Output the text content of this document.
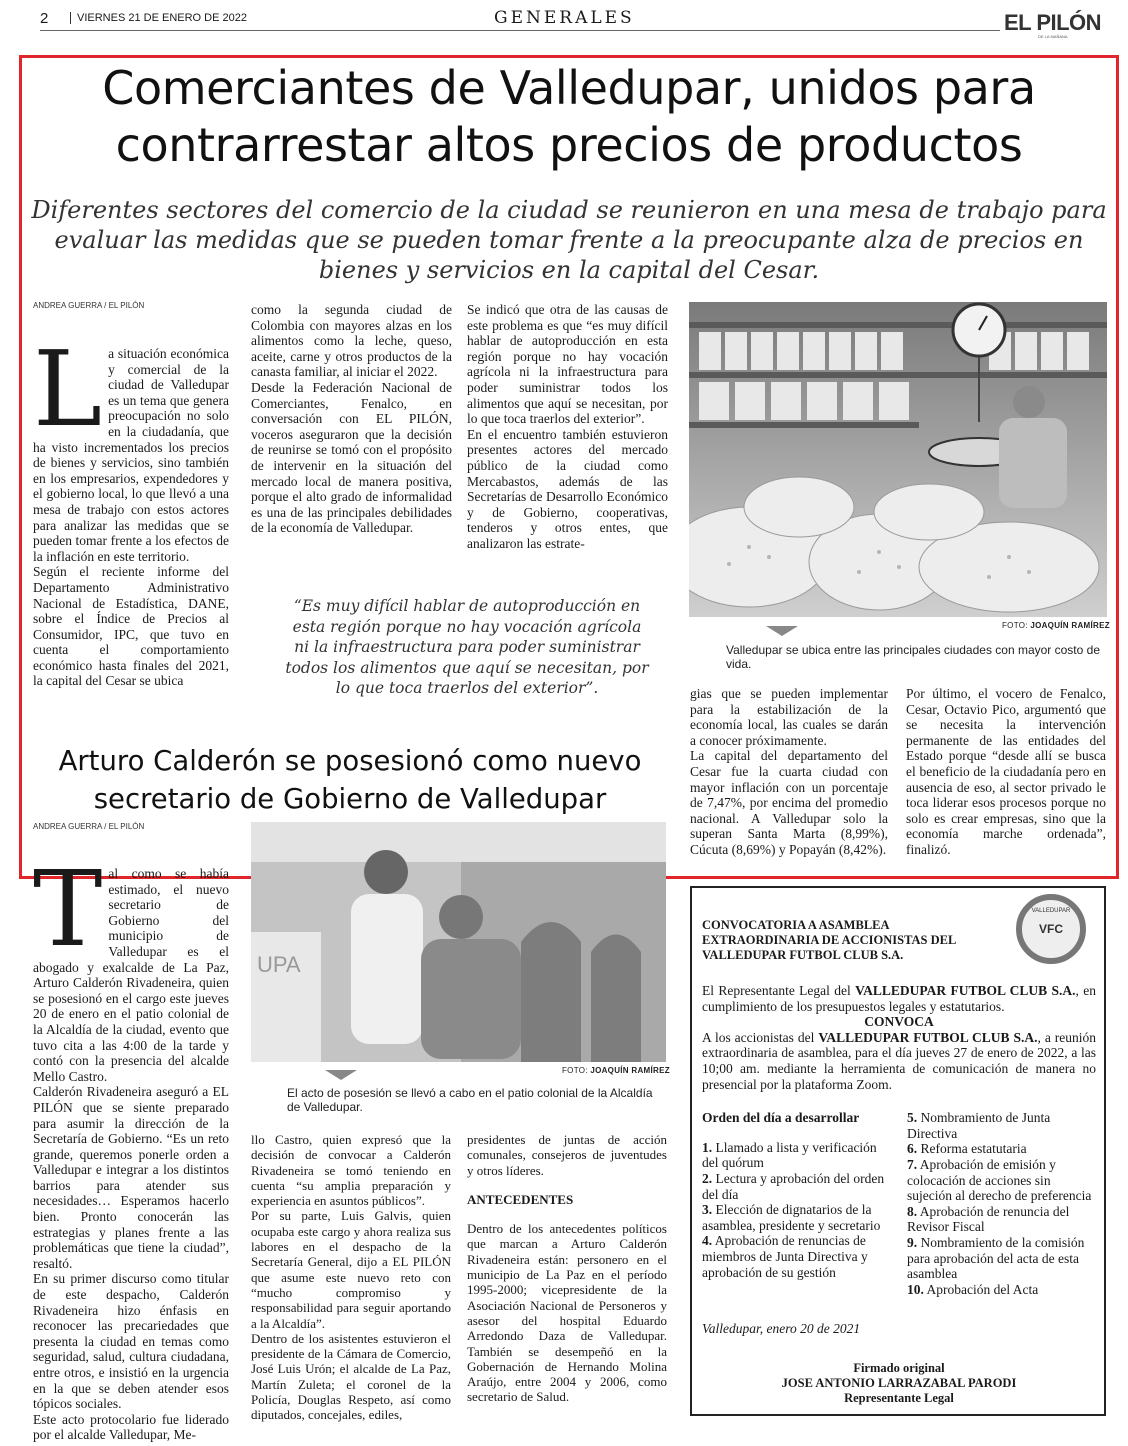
2	VIERNES 21 DE ENERO DE 2022	GENERALES	EL PILÓN
DE LA MAÑANA
Comerciantes de Valledupar, unidos para contrarrestar altos precios de productos
Diferentes sectores del comercio de la ciudad se reunieron en una mesa de trabajo para evaluar las medidas que se pueden tomar frente a la preocupante alza de precios en bienes y servicios en la capital del Cesar.
ANDREA GUERRA / EL PILÓN
L a situación económica y comercial de la ciudad de Valledupar es un tema que genera preocupación no solo en la ciudadanía, que ha visto incrementados los precios de bienes y servicios, sino también en los empresarios, expendedores y el gobierno local, lo que llevó a una mesa de trabajo con estos actores para analizar las medidas que se pueden tomar frente a los efectos de la inflación en este territorio.

Según el reciente informe del Departamento Administrativo Nacional de Estadística, DANE, sobre el Índice de Precios al Consumidor, IPC, que tuvo en cuenta el comportamiento económico hasta finales del 2021, la capital del Cesar se ubica

como la segunda ciudad de Colombia con mayores alzas en los alimentos como la leche, queso, aceite, carne y otros productos de la canasta familiar, al iniciar el 2022.

Desde la Federación Nacional de Comerciantes, Fenalco, en conversación con EL PILÓN, voceros aseguraron que la decisión de reunirse se tomó con el propósito de intervenir en la situación del mercado local de manera positiva, porque el alto grado de informalidad es una de las principales debilidades de la economía de Valledupar.

Se indicó que otra de las causas de este problema es que “es muy difícil hablar de autoproducción en esta región porque no hay vocación agrícola ni la infraestructura para poder suministrar todos los alimentos que aquí se necesitan, por lo que toca traerlos del exterior”.

En el encuentro también estuvieron presentes actores del mercado público de la ciudad como Mercabastos, además de las Secretarías de Desarrollo Económico y de Gobierno, cooperativas, tenderos y otros entes, que analizaron las estrate-

“Es muy difícil hablar de autoproducción en esta región porque no hay vocación agrícola ni la infraestructura para poder suministrar todos los alimentos que aquí se necesitan, por lo que toca traerlos del exterior”.
FOTO: JOAQUÍN RAMÍREZ
Valledupar se ubica entre las principales ciudades con mayor costo de vida.

gias que se pueden implementar para la estabilización de la economía local, las cuales se darán a conocer próximamente.

La capital del departamento del Cesar fue la cuarta ciudad con mayor inflación con un porcentaje de 7,47%, por encima del promedio nacional. A Valledupar solo la superan Santa Marta (8,99%), Cúcuta (8,69%) y Popayán (8,42%).

Por último, el vocero de Fenalco, Cesar, Octavio Pico, argumentó que se necesita la intervención permanente de las entidades del Estado porque “desde allí se busca el beneficio de la ciudadanía pero en ausencia de eso, al sector privado le toca liderar esos procesos porque no solo es crear empresas, sino que la economía marche ordenada”, finalizó.

Arturo Calderón se posesionó como nuevo secretario de Gobierno de Valledupar
ANDREA GUERRA / EL PILÓN
T al como se había estimado, el nuevo secretario de Gobierno del municipio de Valledupar es el abogado y exalcalde de La Paz, Arturo Calderón Rivadeneira, quien se posesionó en el cargo este jueves 20 de enero en el patio colonial de la Alcaldía de la ciudad, evento que tuvo cita a las 4:00 de la tarde y contó con la presencia del alcalde Mello Castro.

Calderón Rivadeneira aseguró a EL PILÓN que se siente preparado para asumir la dirección de la Secretaría de Gobierno. “Es un reto grande, queremos ponerle orden a Valledupar e integrar a los distintos barrios para atender sus necesidades… Esperamos hacerlo bien. Pronto conocerán las estrategias y planes frente a las problemáticas que tiene la ciudad”, resaltó.

En su primer discurso como titular de este despacho, Calderón Rivadeneira hizo énfasis en reconocer las precariedades que presenta la ciudad en temas como seguridad, salud, cultura ciudadana, entre otros, e insistió en la urgencia en la que se deben atender esos tópicos sociales.

Este acto protocolario fue liderado por el alcalde Valledupar, Me-

UPA
FOTO: JOAQUÍN RAMÍREZ
El acto de posesión se llevó a cabo en el patio colonial de la Alcaldía de Valledupar.

llo Castro, quien expresó que la decisión de convocar a Calderón Rivadeneira se tomó teniendo en cuenta “su amplia preparación y experiencia en asuntos públicos”.

Por su parte, Luis Galvis, quien ocupaba este cargo y ahora realiza sus labores en el despacho de la Secretaría General, dijo a EL PILÓN que asume este nuevo reto con “mucho compromiso y responsabilidad para seguir aportando a la Alcaldía”.

Dentro de los asistentes estuvieron el presidente de la Cámara de Comercio, José Luis Urón; el alcalde de La Paz, Martín Zuleta; el coronel de la Policía, Douglas Respeto, así como diputados, concejales, ediles,

presidentes de juntas de acción comunales, consejeros de juventudes y otros líderes.

ANTECEDENTES

Dentro de los antecedentes políticos que marcan a Arturo Calderón Rivadeneira están: personero en el municipio de La Paz en el período 1995-2000; vicepresidente de la Asociación Nacional de Personeros y asesor del hospital Eduardo Arredondo Daza de Valledupar. También se desempeñó en la Gobernación de Hernando Molina Araújo, entre 2004 y 2006, como secretario de Salud.

VALLEDUPAR
VFC
CONVOCATORIA A ASAMBLEA EXTRAORDINARIA DE ACCIONISTAS DEL VALLEDUPAR FUTBOL CLUB S.A.

El Representante Legal del VALLEDUPAR FUTBOL CLUB S.A., en cumplimiento de los presupuestos legales y estatutarios.

CONVOCA

A los accionistas del VALLEDUPAR FUTBOL CLUB S.A., a reunión extraordinaria de asamblea, para el día jueves 27 de enero de 2022, a las 10;00 am. mediante la herramienta de comunicación de manera no presencial por la plataforma Zoom.

Orden del día a desarrollar

1. Llamado a lista y verificación del quórum

2. Lectura y aprobación del orden del día

3. Elección de dignatarios de la asamblea, presidente y secretario

4. Aprobación de renuncias de miembros de Junta Directiva y aprobación de su gestión

5. Nombramiento de Junta Directiva

6. Reforma estatutaria

7. Aprobación de emisión y colocación de acciones sin sujeción al derecho de preferencia

8. Aprobación de renuncia del Revisor Fiscal

9. Nombramiento de la comisión para aprobación del acta de esta asamblea

10. Aprobación del Acta

Valledupar, enero 20 de 2021

Firmado original
JOSE ANTONIO LARRAZABAL PARODI
Representante Legal
